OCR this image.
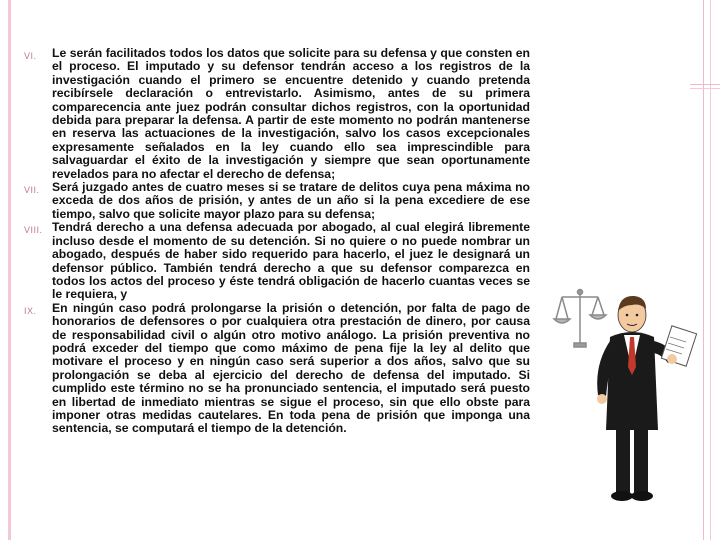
VI. Le serán facilitados todos los datos que solicite para su defensa y que consten en el proceso. El imputado y su defensor tendrán acceso a los registros de la investigación cuando el primero se encuentre detenido y cuando pretenda recibírsele declaración o entrevistarlo. Asimismo, antes de su primera comparecencia ante juez podrán consultar dichos registros, con la oportunidad debida para preparar la defensa. A partir de este momento no podrán mantenerse en reserva las actuaciones de la investigación, salvo los casos excepcionales expresamente señalados en la ley cuando ello sea imprescindible para salvaguardar el éxito de la investigación y siempre que sean oportunamente revelados para no afectar el derecho de defensa;
VII. Será juzgado antes de cuatro meses si se tratare de delitos cuya pena máxima no exceda de dos años de prisión, y antes de un año si la pena excediere de ese tiempo, salvo que solicite mayor plazo para su defensa;
VIII. Tendrá derecho a una defensa adecuada por abogado, al cual elegirá libremente incluso desde el momento de su detención. Si no quiere o no puede nombrar un abogado, después de haber sido requerido para hacerlo, el juez le designará un defensor público. También tendrá derecho a que su defensor comparezca en todos los actos del proceso y éste tendrá obligación de hacerlo cuantas veces se le requiera, y
IX. En ningún caso podrá prolongarse la prisión o detención, por falta de pago de honorarios de defensores o por cualquiera otra prestación de dinero, por causa de responsabilidad civil o algún otro motivo análogo. La prisión preventiva no podrá exceder del tiempo que como máximo de pena fije la ley al delito que motivare el proceso y en ningún caso será superior a dos años, salvo que su prolongación se deba al ejercicio del derecho de defensa del imputado. Si cumplido este término no se ha pronunciado sentencia, el imputado será puesto en libertad de inmediato mientras se sigue el proceso, sin que ello obste para imponer otras medidas cautelares. En toda pena de prisión que imponga una sentencia, se computará el tiempo de la detención.
